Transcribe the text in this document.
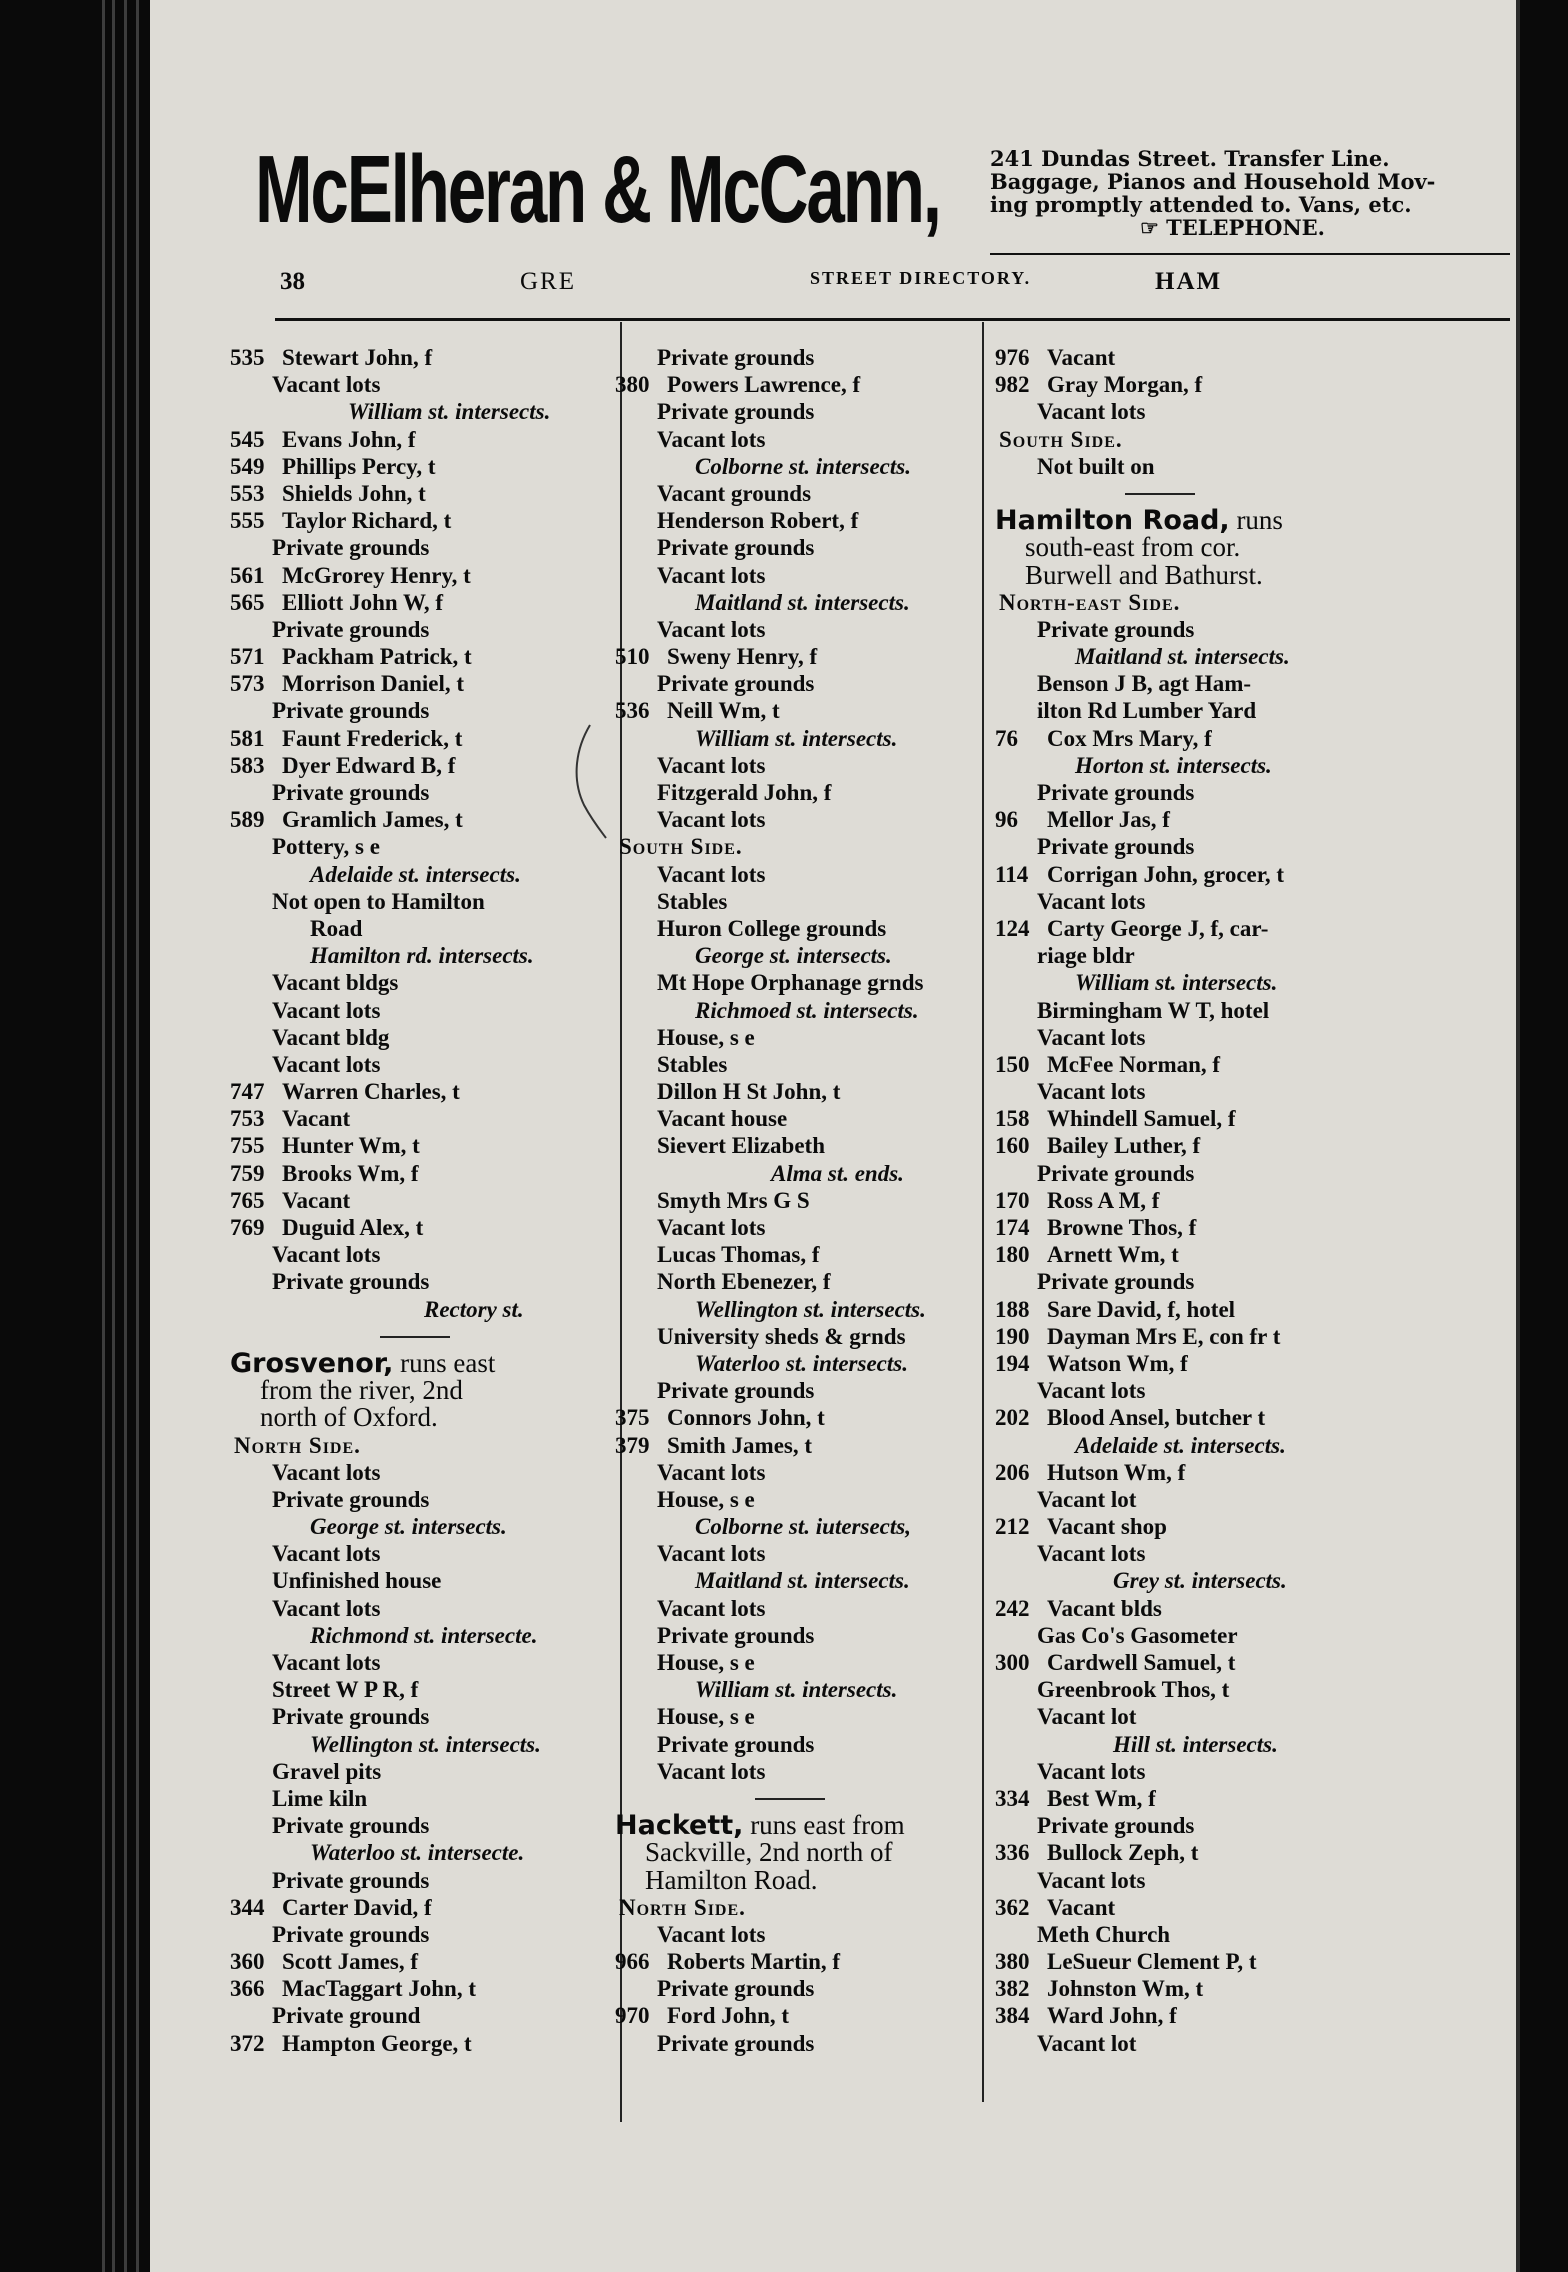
McElheran & McCann, 241 Dundas Street. Transfer Line.
Baggage, Pianos and Household Mov-
ing promptly attended to. Vans, etc.
☞ TELEPHONE.
38	GRE	STREET DIRECTORY.	HAM
535 Stewart John, f
Vacant lots
William st. intersects.
545 Evans John, f
549 Phillips Percy, t
553 Shields John, t
555 Taylor Richard, t
Private grounds
561 McGrorey Henry, t
565 Elliott John W, f
Private grounds
571 Packham Patrick, t
573 Morrison Daniel, t
Private grounds
581 Faunt Frederick, t
583 Dyer Edward B, f
Private grounds
589 Gramlich James, t
Pottery, s e
Adelaide st. intersects.
Not open to Hamilton
Road
Hamilton rd. intersects.
Vacant bldgs
Vacant lots
Vacant bldg
Vacant lots
747 Warren Charles, t
753 Vacant
755 Hunter Wm, t
759 Brooks Wm, f
765 Vacant
769 Duguid Alex, t
Vacant lots
Private grounds
Rectory st.
Grosvenor, runs east
from the river, 2nd
north of Oxford.
North Side.
Vacant lots
Private grounds
George st. intersects.
Vacant lots
Unfinished house
Vacant lots
Richmond st. intersecte.
Vacant lots
Street W P R, f
Private grounds
Wellington st. intersects.
Gravel pits
Lime kiln
Private grounds
Waterloo st. intersecte.
Private grounds
344 Carter David, f
Private grounds
360 Scott James, f
366 MacTaggart John, t
Private ground
372 Hampton George, t
Private grounds
380 Powers Lawrence, f
Private grounds
Vacant lots
Colborne st. intersects.
Vacant grounds
Henderson Robert, f
Private grounds
Vacant lots
Maitland st. intersects.
Vacant lots
510 Sweny Henry, f
Private grounds
536 Neill Wm, t
William st. intersects.
Vacant lots
Fitzgerald John, f
Vacant lots
South Side.
Vacant lots
Stables
Huron College grounds
George st. intersects.
Mt Hope Orphanage grnds
Richmoed st. intersects.
House, s e
Stables
Dillon H St John, t
Vacant house
Sievert Elizabeth
Alma st. ends.
Smyth Mrs G S
Vacant lots
Lucas Thomas, f
North Ebenezer, f
Wellington st. intersects.
University sheds & grnds
Waterloo st. intersects.
Private grounds
375 Connors John, t
379 Smith James, t
Vacant lots
House, s e
Colborne st. iutersects,
Vacant lots
Maitland st. intersects.
Vacant lots
Private grounds
House, s e
William st. intersects.
House, s e
Private grounds
Vacant lots
Hackett, runs east from
Sackville, 2nd north of
Hamilton Road.
North Side.
Vacant lots
966 Roberts Martin, f
Private grounds
970 Ford John, t
Private grounds
976 Vacant
982 Gray Morgan, f
Vacant lots
South Side.
Not built on
Hamilton Road, runs
south-east from cor.
Burwell and Bathurst.
North-east Side.
Private grounds
Maitland st. intersects.
Benson J B, agt Ham-
ilton Rd Lumber Yard
76 Cox Mrs Mary, f
Horton st. intersects.
Private grounds
96 Mellor Jas, f
Private grounds
114 Corrigan John, grocer, t
Vacant lots
124 Carty George J, f, car-
riage bldr
William st. intersects.
Birmingham W T, hotel
Vacant lots
150 McFee Norman, f
Vacant lots
158 Whindell Samuel, f
160 Bailey Luther, f
Private grounds
170 Ross A M, f
174 Browne Thos, f
180 Arnett Wm, t
Private grounds
188 Sare David, f, hotel
190 Dayman Mrs E, con fr t
194 Watson Wm, f
Vacant lots
202 Blood Ansel, butcher t
Adelaide st. intersects.
206 Hutson Wm, f
Vacant lot
212 Vacant shop
Vacant lots
Grey st. intersects.
242 Vacant blds
Gas Co's Gasometer
300 Cardwell Samuel, t
Greenbrook Thos, t
Vacant lot
Hill st. intersects.
Vacant lots
334 Best Wm, f
Private grounds
336 Bullock Zeph, t
Vacant lots
362 Vacant
Meth Church
380 LeSueur Clement P, t
382 Johnston Wm, t
384 Ward John, f
Vacant lot
